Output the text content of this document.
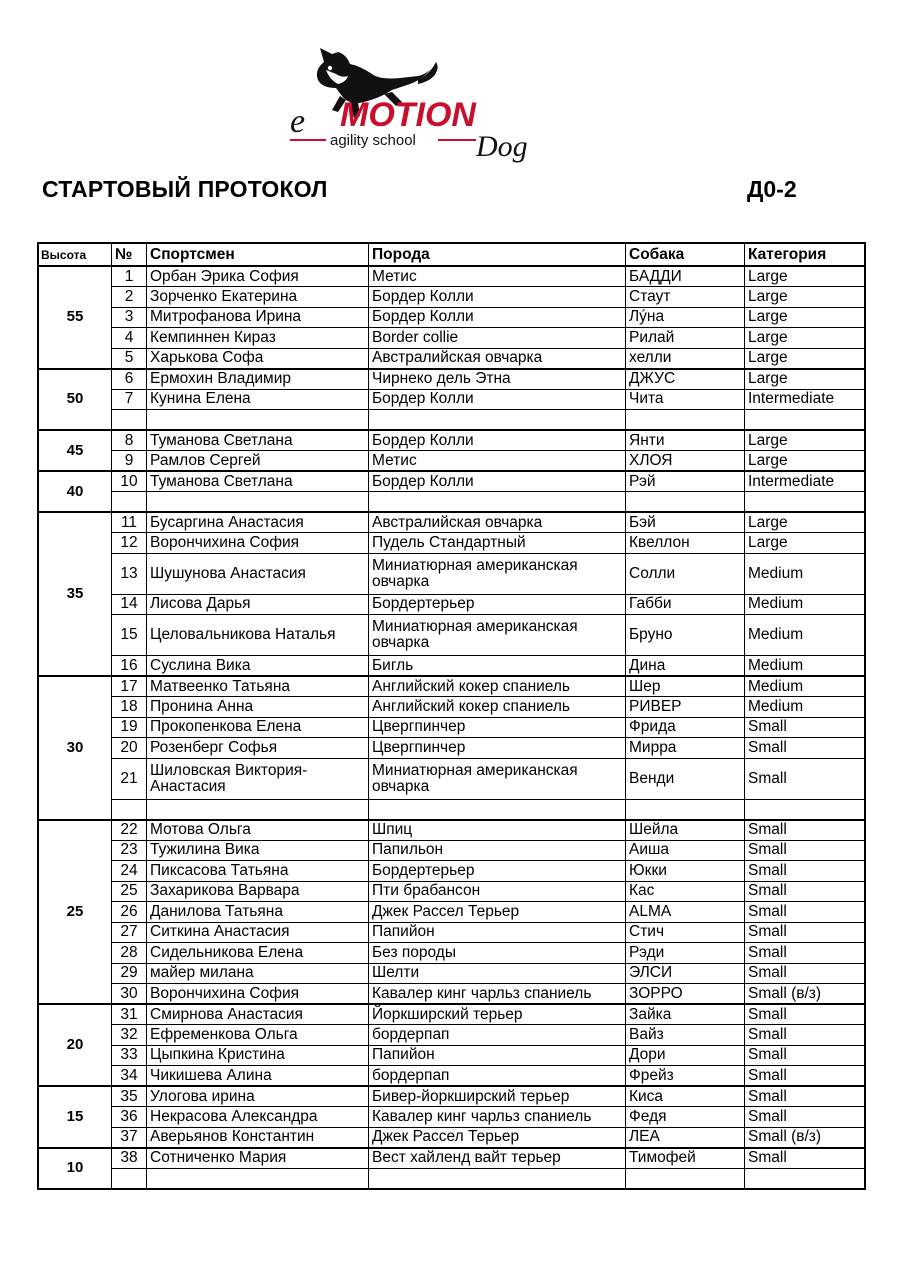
e MOTION
agility school Dog
СТАРТОВЫЙ ПРОТОКОЛ	Д0-2
Высота	№	Спортсмен	Порода	Собака	Категория
55	1	Орбан Эрика София	Метис	БАДДИ	Large
	2	Зорченко Екатерина	Бордер Колли	Стаут	Large
	3	Митрофанова Ирина	Бордер Колли	Лýна	Large
	4	Кемпиннен Кираз	Border collie	Рилай	Large
	5	Харькова Софа	Австралийская овчарка	хелли	Large
50	6	Ермохин Владимир	Чирнеко дель Этна	ДЖУС	Large
	7	Кунина Елена	Бордер Колли	Чита	Intermediate

45	8	Туманова Светлана	Бордер Колли	Янти	Large
	9	Рамлов Сергей	Метис	ХЛОЯ	Large
40	10	Туманова Светлана	Бордер Колли	Рэй	Intermediate

35	11	Бусаргина Анастасия	Австралийская овчарка	Бэй	Large
	12	Ворончихина София	Пудель Стандартный	Квеллон	Large
	13	Шушунова Анастасия	Миниатюрная американская овчарка	Солли	Medium
	14	Лисова Дарья	Бордертерьер	Габби	Medium
	15	Целовальникова Наталья	Миниатюрная американская овчарка	Бруно	Medium
	16	Суслина Вика	Бигль	Дина	Medium
30	17	Матвеенко Татьяна	Английский кокер спаниель	Шер	Medium
	18	Пронина Анна	Английский кокер спаниель	РИВЕР	Medium
	19	Прокопенкова Елена	Цвергпинчер	Фрида	Small
	20	Розенберг Софья	Цвергпинчер	Мирра	Small
	21	Шиловская Виктория-Анастасия	Миниатюрная американская овчарка	Венди	Small

25	22	Мотова Ольга	Шпиц	Шейла	Small
	23	Тужилина Вика	Папильон	Аиша	Small
	24	Пиксасова Татьяна	Бордертерьер	Юкки	Small
	25	Захарикова Варвара	Пти брабансон	Кас	Small
	26	Данилова Татьяна	Джек Рассел Терьер	ALMA	Small
	27	Ситкина Анастасия	Папийон	Стич	Small
	28	Сидельникова Елена	Без породы	Рэди	Small
	29	майер милана	Шелти	ЭЛСИ	Small
	30	Ворончихина София	Кавалер кинг чарльз спаниель	ЗОРРО	Small (в/з)
20	31	Смирнова Анастасия	Йоркширский терьер	Зайка	Small
	32	Ефременкова Ольга	бордерпап	Вайз	Small
	33	Цыпкина Кристина	Папийон	Дори	Small
	34	Чикишева Алина	бордерпап	Фрейз	Small
15	35	Улогова ирина	Бивер-йоркширский терьер	Киса	Small
	36	Некрасова Александра	Кавалер кинг чарльз спаниель	Федя	Small
	37	Аверьянов Константин	Джек Рассел Терьер	ЛЕА	Small (в/з)
10	38	Сотниченко Мария	Вест хайленд вайт терьер	Тимофей	Small
